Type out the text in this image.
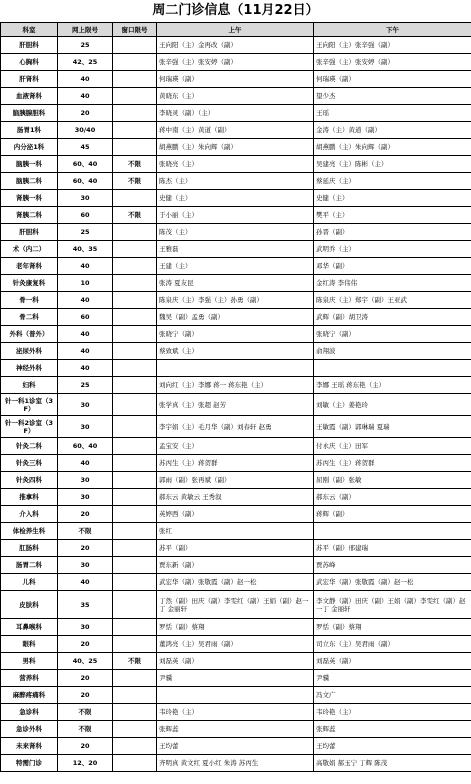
周二门诊信息（11月22日）
科室	网上限号	窗口限号	上午	下午
肝胆科	25		王向阳（主）金再改（副）	王向阳（主）张辛强（副）
心胸科	42、25		张辛强（主）张安婷（副）	张辛强（主）张安婷（副）
肝肾科	40		何瑞瑛（副）	何瑞瑛（副）
血液肾科	40		黄晓东（主）	望少杰
脑胰腺胆科	20		李晓灵（副）（主）	王瑶
肠胃1科	30/40		蒋中南（主）黄道（副）	金涛（主）黄道（副）
内分泌1科	45		胡燕鹏（主）朱向辉（副）	胡燕鹏（主）朱向辉（副）
脑胰一科	60、40	不限	张晓亮（主）	吴建亮（主）陈彬（主）
脑胰二科	60、40	不限	陈杰（主）	蔡延庆（主）
肾胰一科	30		史健（主）	史健（主）
肾胰二科	60	不限	于小丽（主）	樊平（主）
肝胆科	25		陈茂（主）	孙晋（副）
术（内二）	40、35		王雅磊	武明乔（主）
老年肾科	40		王建（主）	邓华（副）
针灸康复科	10		张涛 夏友昆	金红涛 李伟伟
骨一科	40		陈泉庆（主）李强（主）孙勇（副）	陈泉庆（主）郑宇（副）王亚武
骨二科	60		魏吴（副）孟勇（副）	武辉（副）胡卫涛
外科（普外）	40		张晓宁（副）	张晓宁（副）
泌尿外科	40		蔡致斌（主）	俞翔波
神经外科	40			
妇科	25		刘向红（主）李娜 蒋一 蒋东艳（主）	李娜 王瑶 蒋东艳（主）
针一科1诊室（3F）	30		张学真（主）张超 赵芳	刘敏（主）姜艳玲
针一科2诊室（3F）	30		李宇娟（主）毛月华（副）刘春轩 赵勇	王敏霞（副）郭琳瑞 夏瑞
针灸二科	60、40		孟宝安（主）	付永庆（主）田军
针灸三科	40		苏丙生（主）蒋贺群	苏丙生（主）蒋贺群
针灸四科	30		郭雨（副）张再斌（副）	屈刚（副）张敏
推拿科	30		郝东云 黄敏云 王秀叙	郝东云（副）
介入科	20		英婷西（副）	蒋辉（副）
体检养生科	不限		张红	
肛肠科	20		苏平（副）	苏平（副）邢建瑞
肠胃二科	30		贾东新（副）	贾苏峰
儿科	40		武宏华（副）张敬霞（副）赵一松	武宏华（副）张敬霞（副）赵一松
皮肤科	35		丁然（副）田庆（副）李雯红（副）王娟（副）赵一丁 金丽轩	李文静（副）田庆（副）王娟（副）李雯红（副）赵一丁 金丽轩
耳鼻喉科	30		罗恬（副）蔡翔	罗恬（副）蔡翔
眼科	20		董鸿亮（主）吴君雨（副）	司立东（主）吴君雨（副）
男科	40、25	不限	刘磊英（副）	刘磊英（副）
营养科	20		尹骥	尹骥
麻醉疼痛科	20			冯文广
急诊科	不限		韦玲艳（主）	韦玲艳（主）
急诊外科	不限		张辉蕊	张辉蕊
未来肾科	20		王均蕾	王均蕾
特需门诊	12、20		齐明真 黄文红 夏小红 朱涛 苏丙生	高敬娟 郝玉宁 丁辉 陈茂
